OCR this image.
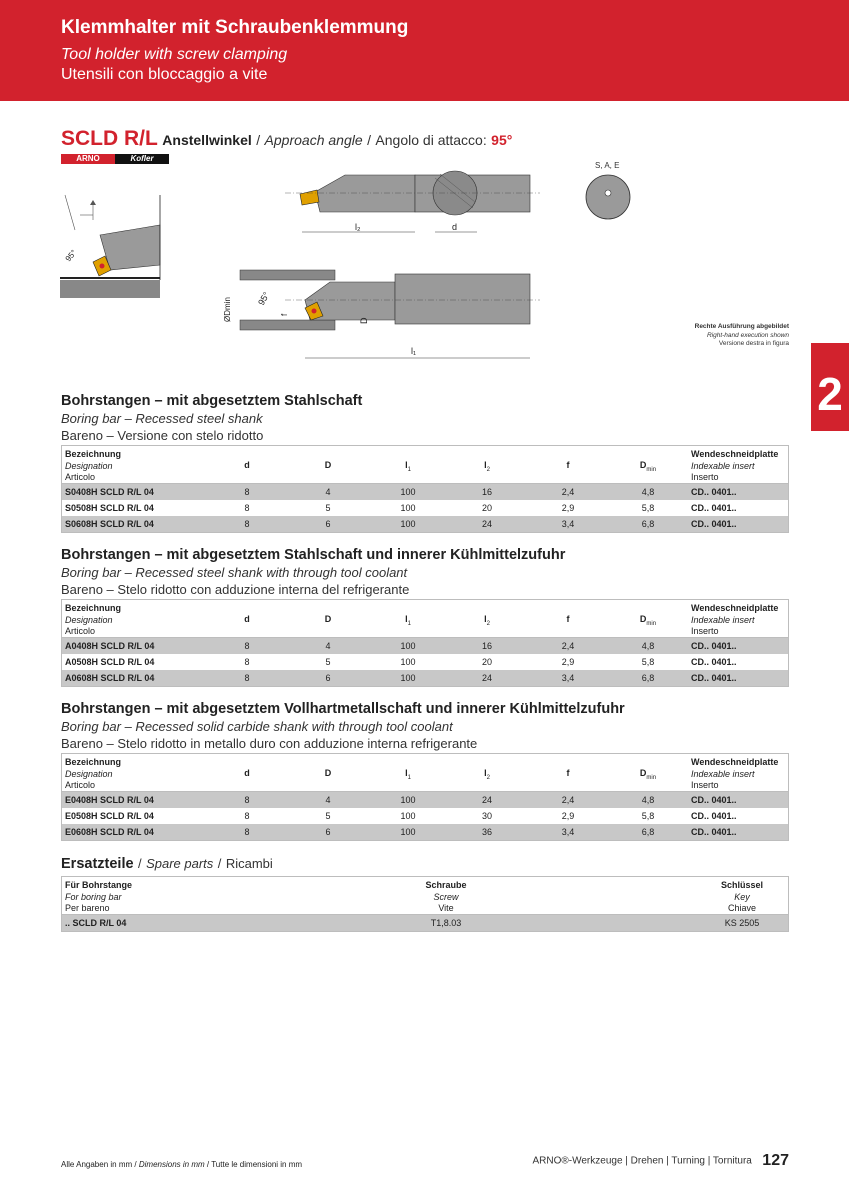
Klemmhalter mit Schraubenklemmung
Tool holder with screw clamping
Utensili con bloccaggio a vite
2
SCLD R/L Anstellwinkel / Approach angle / Angolo di attacco: 95°
ARNO	Kofler
95°
l₂	d
S, A, E
l₁
D
ØDmin	f
95°
Rechte Ausführung abgebildet
Right-hand execution shown
Versione destra in figura
Bohrstangen – mit abgesetztem Stahlschaft
Boring bar – Recessed steel shank
Bareno – Versione con stelo ridotto
Bezeichnung
Designation
Articolo
d	D	$l_1$	$l_2$	f	$D_{min}$
Wendeschneidplatte
Indexable insert
Inserto
S0408H SCLD R/L 04	8	4	100	16	2,4	4,8	CD.. 0401..
S0508H SCLD R/L 04	8	5	100	20	2,9	5,8	CD.. 0401..
S0608H SCLD R/L 04	8	6	100	24	3,4	6,8	CD.. 0401..
Bohrstangen – mit abgesetztem Stahlschaft und innerer Kühlmittelzufuhr
Boring bar – Recessed steel shank with through tool coolant
Bareno – Stelo ridotto con adduzione interna del refrigerante
Bezeichnung
Designation
Articolo
d	D	$l_1$	$l_2$	f	$D_{min}$
Wendeschneidplatte
Indexable insert
Inserto
A0408H SCLD R/L 04	8	4	100	16	2,4	4,8	CD.. 0401..
A0508H SCLD R/L 04	8	5	100	20	2,9	5,8	CD.. 0401..
A0608H SCLD R/L 04	8	6	100	24	3,4	6,8	CD.. 0401..
Bohrstangen – mit abgesetztem Vollhartmetallschaft und innerer Kühlmittelzufuhr
Boring bar – Recessed solid carbide shank with through tool coolant
Bareno – Stelo ridotto in metallo duro con adduzione interna refrigerante
Bezeichnung
Designation
Articolo
d	D	$l_1$	$l_2$	f	$D_{min}$
Wendeschneidplatte
Indexable insert
Inserto
E0408H SCLD R/L 04	8	4	100	24	2,4	4,8	CD.. 0401..
E0508H SCLD R/L 04	8	5	100	30	2,9	5,8	CD.. 0401..
E0608H SCLD R/L 04	8	6	100	36	3,4	6,8	CD.. 0401..
Ersatzteile / Spare parts / Ricambi
Für Bohrstange
For boring bar
Per bareno
Schraube
Screw
Vite
Schlüssel
Key
Chiave
.. SCLD R/L 04	T1,8.03	KS 2505
Alle Angaben in mm / Dimensions in mm / Tutte le dimensioni in mm	ARNO®-Werkzeuge | Drehen | Turning | Tornitura 127
